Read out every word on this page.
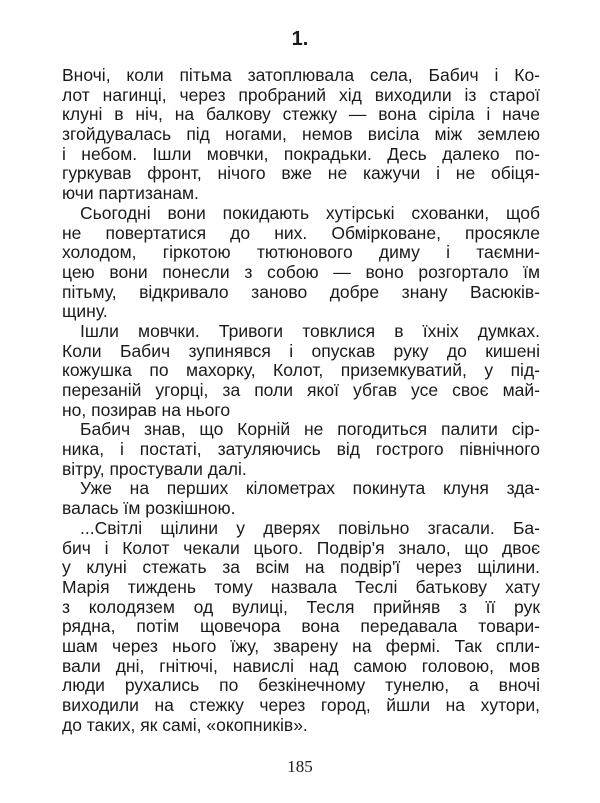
1.
Вночі, коли пітьма затоплювала села, Бабич і Ко-
лот нагинці, через пробраний хід виходили із старої
клуні в ніч, на балкову стежку — вона сіріла і наче
згойдувалась під ногами, немов висіла між землею
і небом. Ішли мовчки, покрадьки. Десь далеко по-
гуркував фронт, нічого вже не кажучи і не обіця-
ючи партизанам.
Сьогодні вони покидають хутірські схованки, щоб
не повертатися до них. Обмірковане, просякле
холодом, гіркотою тютюнового диму і таємни-
цею вони понесли з собою — воно розгортало їм
пітьму, відкривало заново добре знану Васюків-
щину.
Ішли мовчки. Тривоги товклися в їхніх думках.
Коли Бабич зупинявся і опускав руку до кишені
кожушка по махорку, Колот, приземкуватий, у під-
перезаній угорці, за поли якої убгав усе своє май-
но, позирав на нього
Бабич знав, що Корній не погодиться палити сір-
ника, і постаті, затуляючись від гострого північного
вітру, простували далі.
Уже на перших кілометрах покинута клуня зда-
валась їм розкішною.
...Світлі щілини у дверях повільно згасали. Ба-
бич і Колот чекали цього. Подвір'я знало, що двоє
у клуні стежать за всім на подвір'ї через щілини.
Марія тиждень тому назвала Теслі батькову хату
з колодязем од вулиці, Тесля прийняв з її рук
рядна, потім щовечора вона передавала товари-
шам через нього їжу, зварену на фермі. Так спли-
вали дні, гнітючі, навислі над самою головою, мов
люди рухались по безкінечному тунелю, а вночі
виходили на стежку через город, йшли на хутори,
до таких, як самі, «окопників».
185
